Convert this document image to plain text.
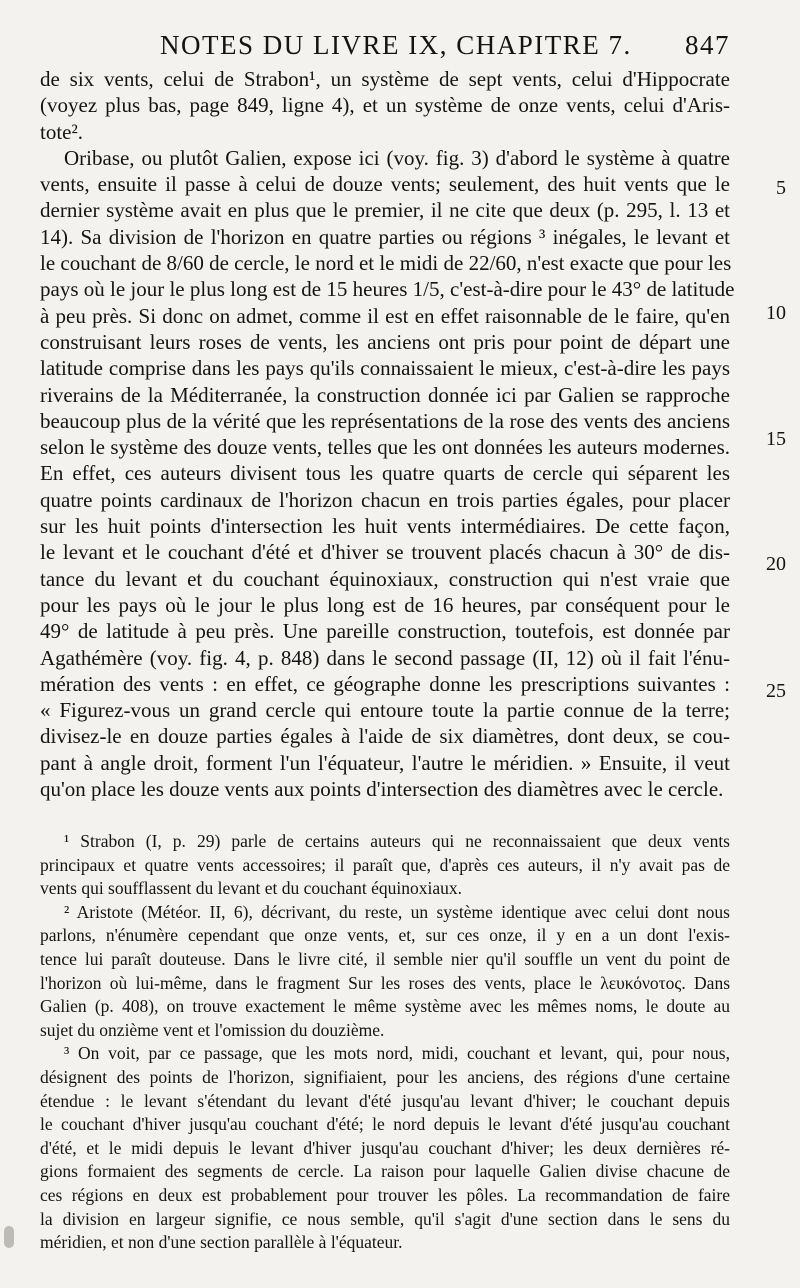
NOTES DU LIVRE IX, CHAPITRE 7. 847
de six vents, celui de Strabon¹, un système de sept vents, celui d'Hippocrate
(voyez plus bas, page 849, ligne 4), et un système de onze vents, celui d'Aris-
tote².
Oribase, ou plutôt Galien, expose ici (voy. fig. 3) d'abord le système à quatre
vents, ensuite il passe à celui de douze vents; seulement, des huit vents que le
dernier système avait en plus que le premier, il ne cite que deux (p. 295, l. 13 et
14). Sa division de l'horizon en quatre parties ou régions ³ inégales, le levant et
le couchant de 8/60 de cercle, le nord et le midi de 22/60, n'est exacte que pour les
pays où le jour le plus long est de 15 heures 1/5, c'est-à-dire pour le 43° de latitude
à peu près. Si donc on admet, comme il est en effet raisonnable de le faire, qu'en
construisant leurs roses de vents, les anciens ont pris pour point de départ une
latitude comprise dans les pays qu'ils connaissaient le mieux, c'est-à-dire les pays
riverains de la Méditerranée, la construction donnée ici par Galien se rapproche
beaucoup plus de la vérité que les représentations de la rose des vents des anciens
selon le système des douze vents, telles que les ont données les auteurs modernes.
En effet, ces auteurs divisent tous les quatre quarts de cercle qui séparent les
quatre points cardinaux de l'horizon chacun en trois parties égales, pour placer
sur les huit points d'intersection les huit vents intermédiaires. De cette façon,
le levant et le couchant d'été et d'hiver se trouvent placés chacun à 30° de dis-
tance du levant et du couchant équinoxiaux, construction qui n'est vraie que
pour les pays où le jour le plus long est de 16 heures, par conséquent pour le
49° de latitude à peu près. Une pareille construction, toutefois, est donnée par
Agathémère (voy. fig. 4, p. 848) dans le second passage (II, 12) où il fait l'énu-
mération des vents : en effet, ce géographe donne les prescriptions suivantes :
« Figurez-vous un grand cercle qui entoure toute la partie connue de la terre;
divisez-le en douze parties égales à l'aide de six diamètres, dont deux, se cou-
pant à angle droit, forment l'un l'équateur, l'autre le méridien. » Ensuite, il veut
qu'on place les douze vents aux points d'intersection des diamètres avec le cercle.
5
10
15
20
25
¹ Strabon (I, p. 29) parle de certains auteurs qui ne reconnaissaient que deux vents
principaux et quatre vents accessoires; il paraît que, d'après ces auteurs, il n'y avait pas de
vents qui soufflassent du levant et du couchant équinoxiaux.
² Aristote (Météor. II, 6), décrivant, du reste, un système identique avec celui dont nous
parlons, n'énumère cependant que onze vents, et, sur ces onze, il y en a un dont l'exis-
tence lui paraît douteuse. Dans le livre cité, il semble nier qu'il souffle un vent du point de
l'horizon où lui-même, dans le fragment Sur les roses des vents, place le λευκόνοτος. Dans
Galien (p. 408), on trouve exactement le même système avec les mêmes noms, le doute au
sujet du onzième vent et l'omission du douzième.
³ On voit, par ce passage, que les mots nord, midi, couchant et levant, qui, pour nous,
désignent des points de l'horizon, signifiaient, pour les anciens, des régions d'une certaine
étendue : le levant s'étendant du levant d'été jusqu'au levant d'hiver; le couchant depuis
le couchant d'hiver jusqu'au couchant d'été; le nord depuis le levant d'été jusqu'au couchant
d'été, et le midi depuis le levant d'hiver jusqu'au couchant d'hiver; les deux dernières ré-
gions formaient des segments de cercle. La raison pour laquelle Galien divise chacune de
ces régions en deux est probablement pour trouver les pôles. La recommandation de faire
la division en largeur signifie, ce nous semble, qu'il s'agit d'une section dans le sens du
méridien, et non d'une section parallèle à l'équateur.
